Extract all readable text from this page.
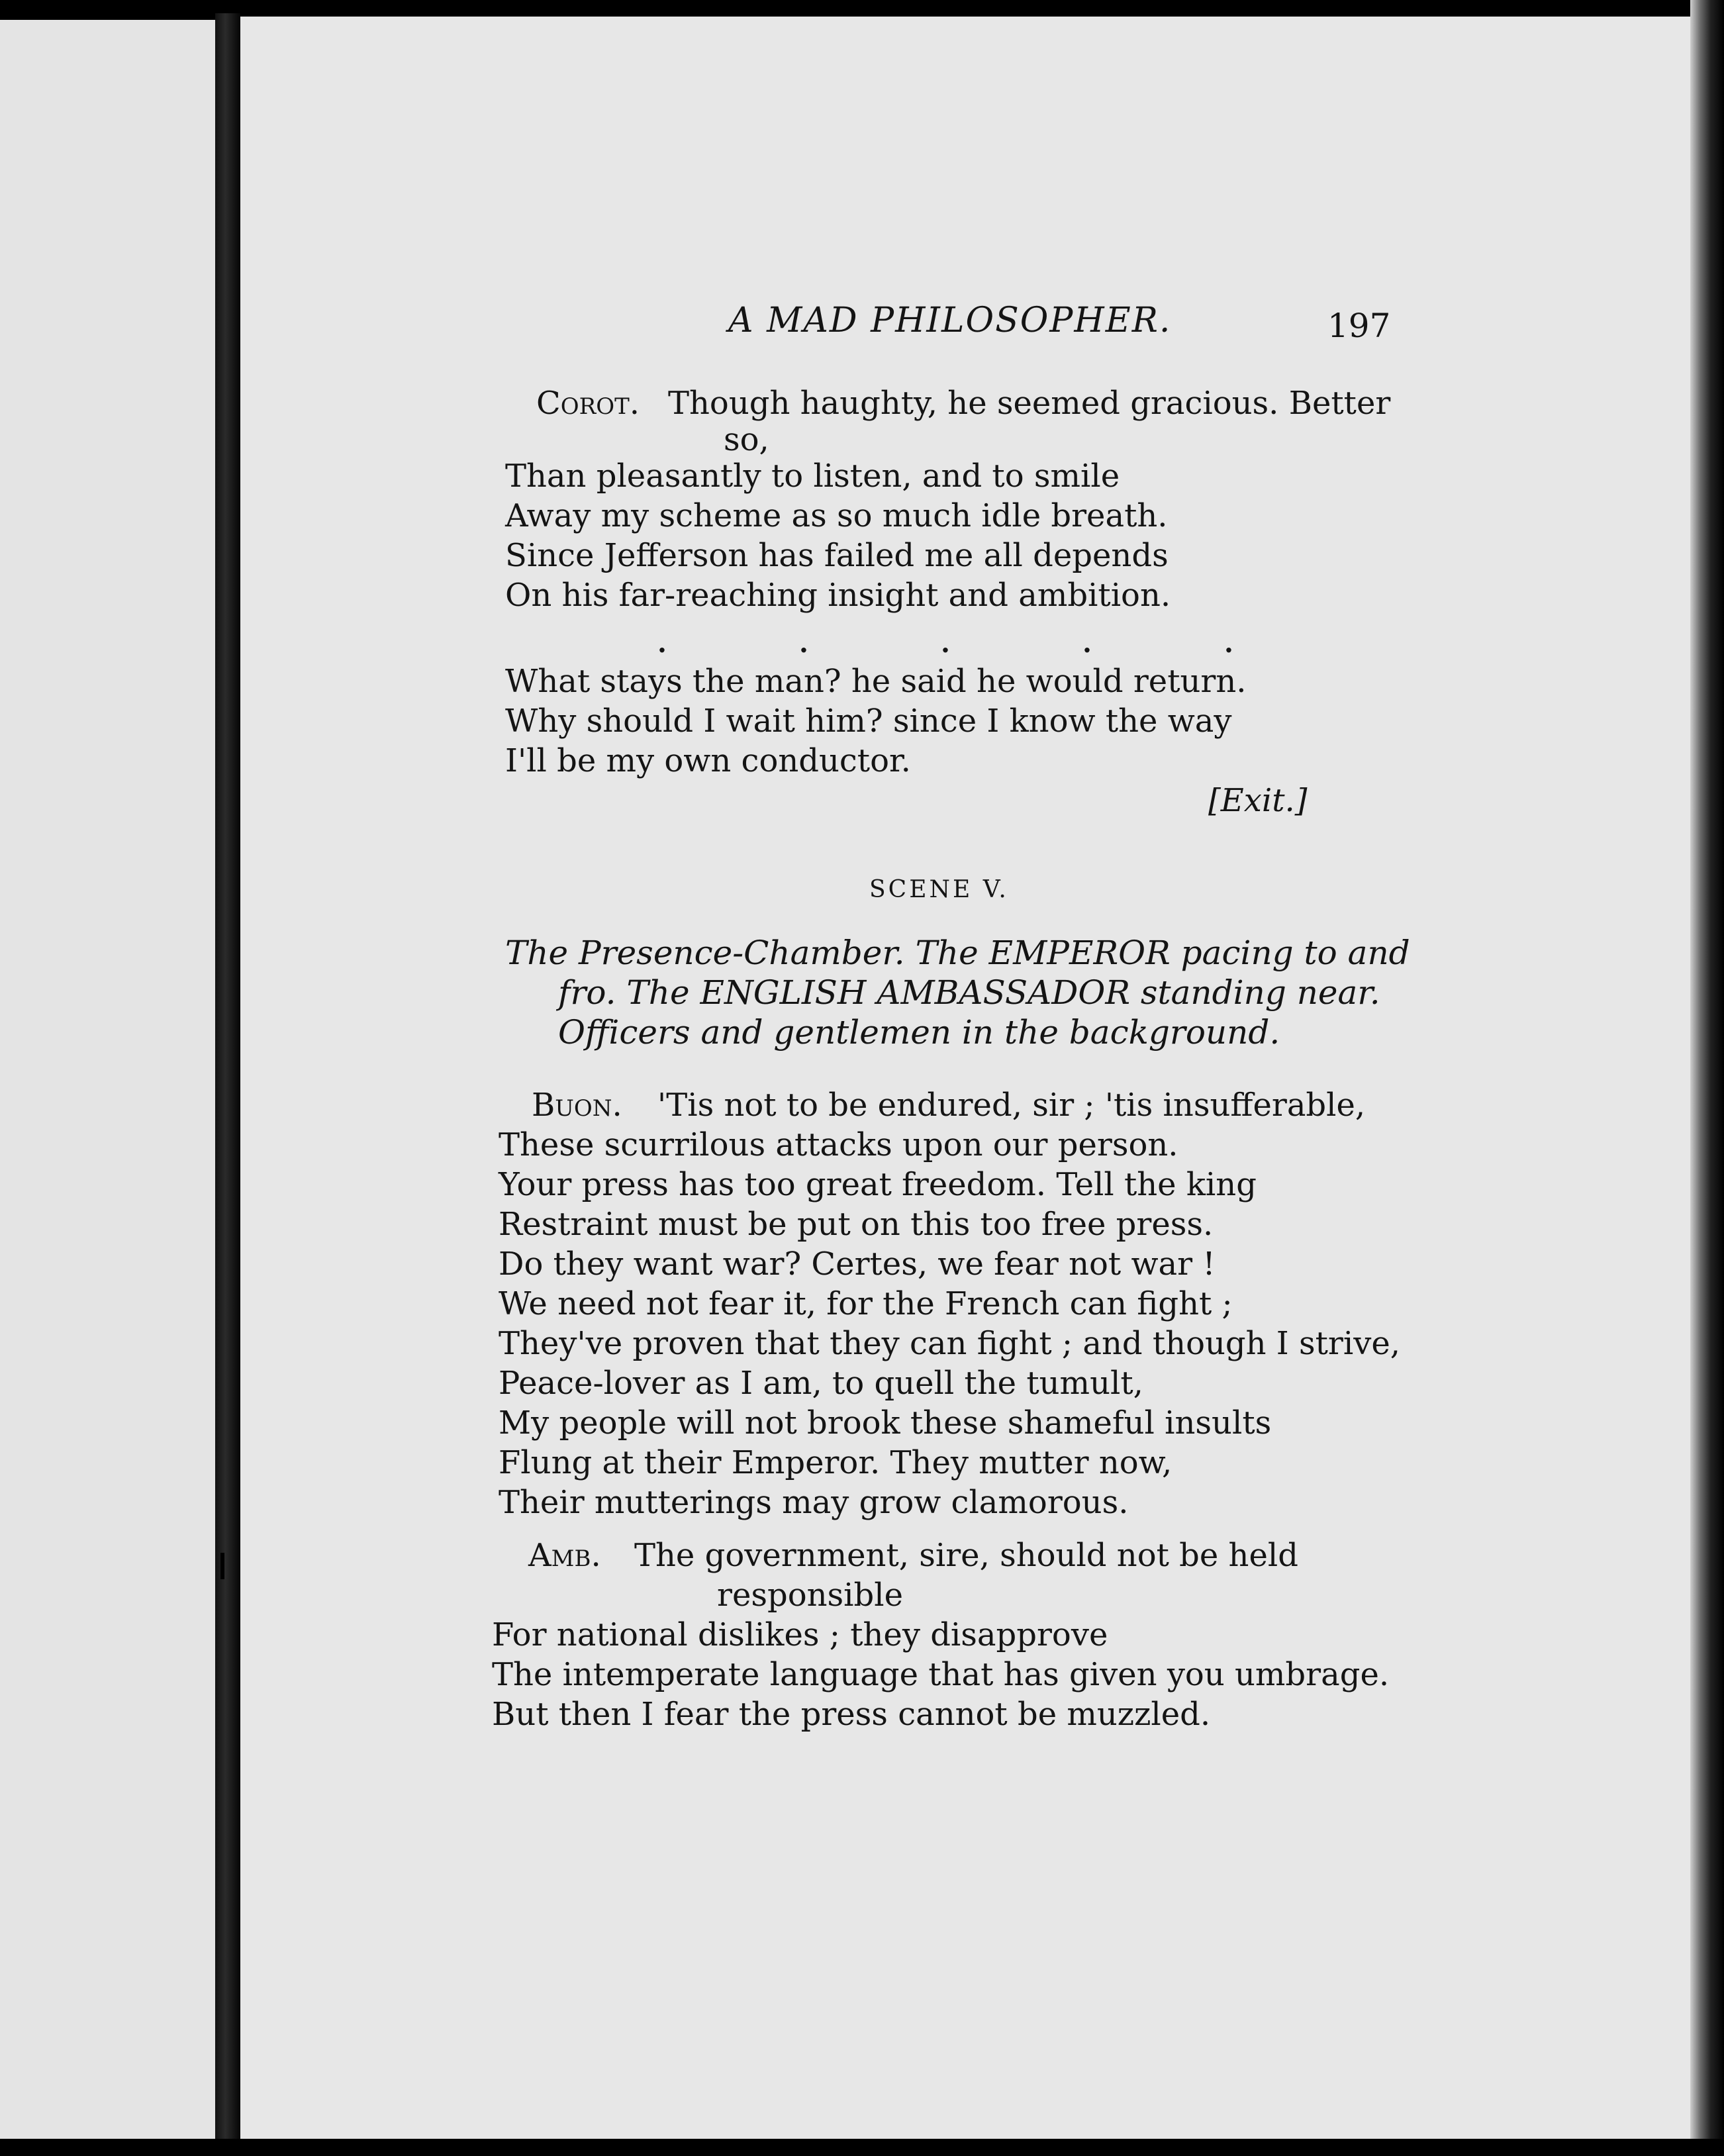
A MAD PHILOSOPHER.	197
Corot. Though haughty, he seemed gracious. Better
so,
Than pleasantly to listen, and to smile
Away my scheme as so much idle breath.
Since Jefferson has failed me all depends
On his far-reaching insight and ambition.
.	.	.	.	.
What stays the man? he said he would return.
Why should I wait him? since I know the way
I'll be my own conductor.
[Exit.]
SCENE V.
The Presence-Chamber. The EMPEROR pacing to and
fro. The ENGLISH AMBASSADOR standing near.
Officers and gentlemen in the background.
Buon. 'Tis not to be endured, sir ; 'tis insufferable,
These scurrilous attacks upon our person.
Your press has too great freedom. Tell the king
Restraint must be put on this too free press.
Do they want war? Certes, we fear not war !
We need not fear it, for the French can fight ;
They've proven that they can fight ; and though I strive,
Peace-lover as I am, to quell the tumult,
My people will not brook these shameful insults
Flung at their Emperor. They mutter now,
Their mutterings may grow clamorous.
Amb. The government, sire, should not be held
responsible
For national dislikes ; they disapprove
The intemperate language that has given you umbrage.
But then I fear the press cannot be muzzled.
